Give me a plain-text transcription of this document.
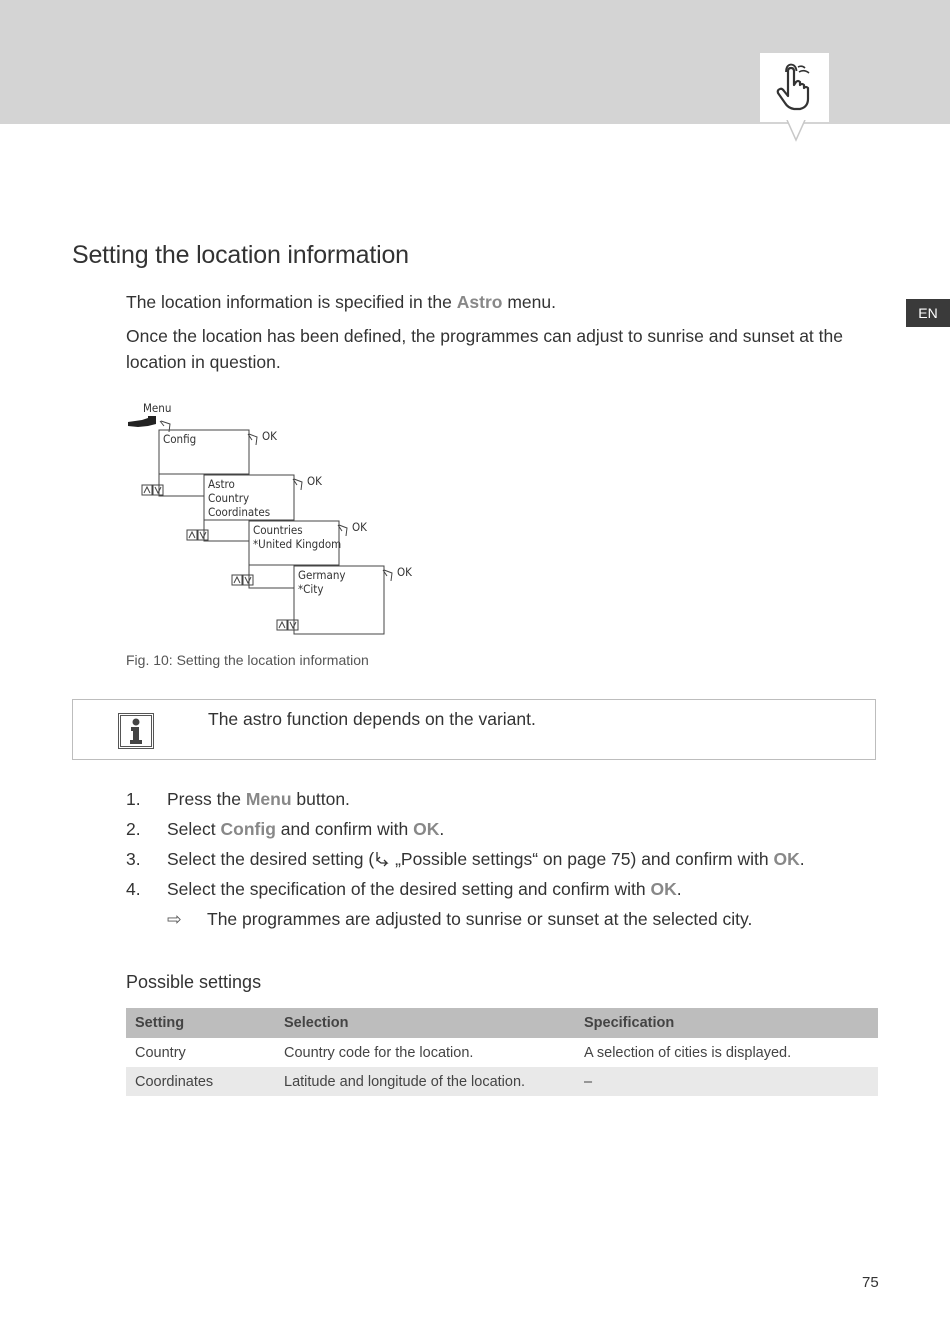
EN
Setting the location information

The location information is specified in the Astro menu.

Once the location has been defined, the programmes can adjust to sunrise and sunset at the location in question.

Menu
Config	OK
Astro
Country
Coordinates
OK
Countries
*United Kingdom
OK
Germany
*City
OK
Fig. 10: Setting the location information
The astro function depends on the variant.
1. Press the Menu button.
2. Select Config and confirm with OK.
3. Select the desired setting ( „Possible settings“ on page 75) and confirm with OK.
4. Select the specification of the desired setting and confirm with OK.
⇨ The programmes are adjusted to sunrise or sunset at the selected city.
Possible settings
Setting	Selection	Specification
Country	Country code for the location.	A selection of cities is displayed.
Coordinates	Latitude and longitude of the location.	–
75
